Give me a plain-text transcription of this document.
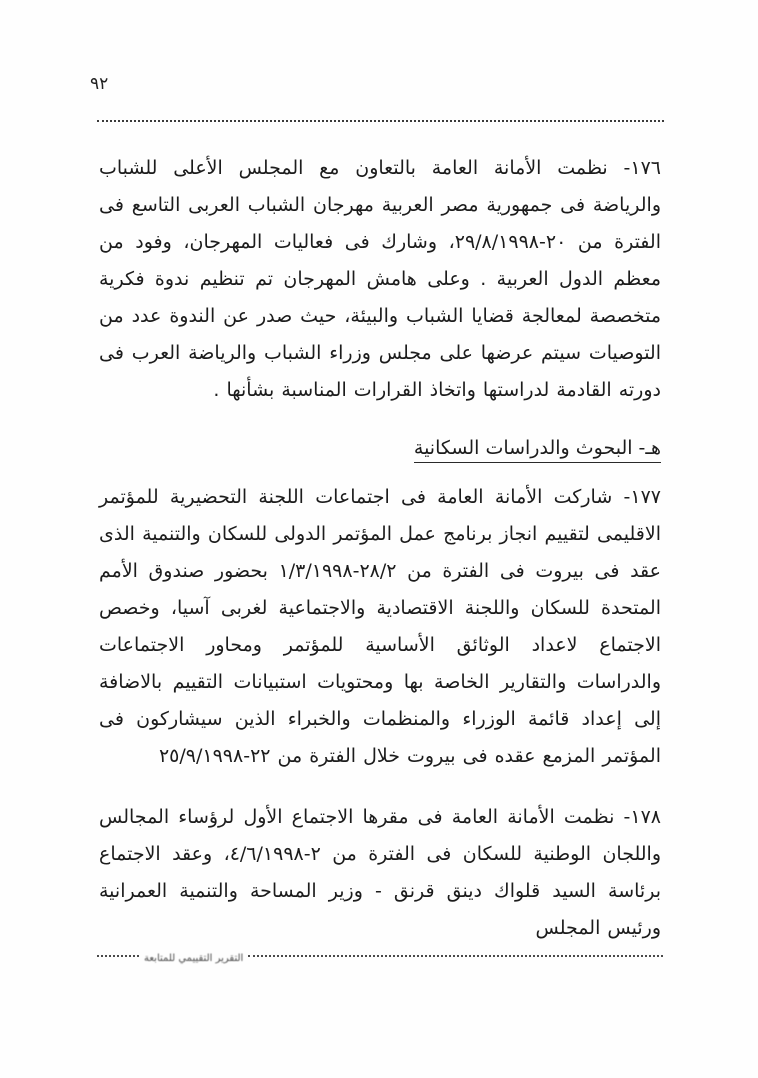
٩٢

١٧٦- نظمت الأمانة العامة بالتعاون مع المجلس الأعلى للشباب والرياضة فى جمهورية مصر العربية مهرجان الشباب العربى التاسع فى الفترة من ٢٠-٢٩/٨/١٩٩٨، وشارك فى فعاليات المهرجان، وفود من معظم الدول العربية . وعلى هامش المهرجان تم تنظيم ندوة فكرية متخصصة لمعالجة قضايا الشباب والبيئة، حيث صدر عن الندوة عدد من التوصيات سيتم عرضها على مجلس وزراء الشباب والرياضة العرب فى دورته القادمة لدراستها واتخاذ القرارات المناسبة بشأنها .

هـ- البحوث والدراسات السكانية

١٧٧- شاركت الأمانة العامة فى اجتماعات اللجنة التحضيرية للمؤتمر الاقليمى لتقييم انجاز برنامج عمل المؤتمر الدولى للسكان والتنمية الذى عقد فى بيروت فى الفترة من ٢٨/٢-١/٣/١٩٩٨ بحضور صندوق الأمم المتحدة للسكان واللجنة الاقتصادية والاجتماعية لغربى آسيا، وخصص الاجتماع لاعداد الوثائق الأساسية للمؤتمر ومحاور الاجتماعات والدراسات والتقارير الخاصة بها ومحتويات استبيانات التقييم بالاضافة إلى إعداد قائمة الوزراء والمنظمات والخبراء الذين سيشاركون فى المؤتمر المزمع عقده فى بيروت خلال الفترة من ٢٢-٢٥/٩/١٩٩٨

١٧٨- نظمت الأمانة العامة فى مقرها الاجتماع الأول لرؤساء المجالس واللجان الوطنية للسكان فى الفترة من ٢-٤/٦/١٩٩٨، وعقد الاجتماع برئاسة السيد قلواك دينق قرنق - وزير المساحة والتنمية العمرانية ورئيس المجلس

التقرير التقييمي للمتابعة
